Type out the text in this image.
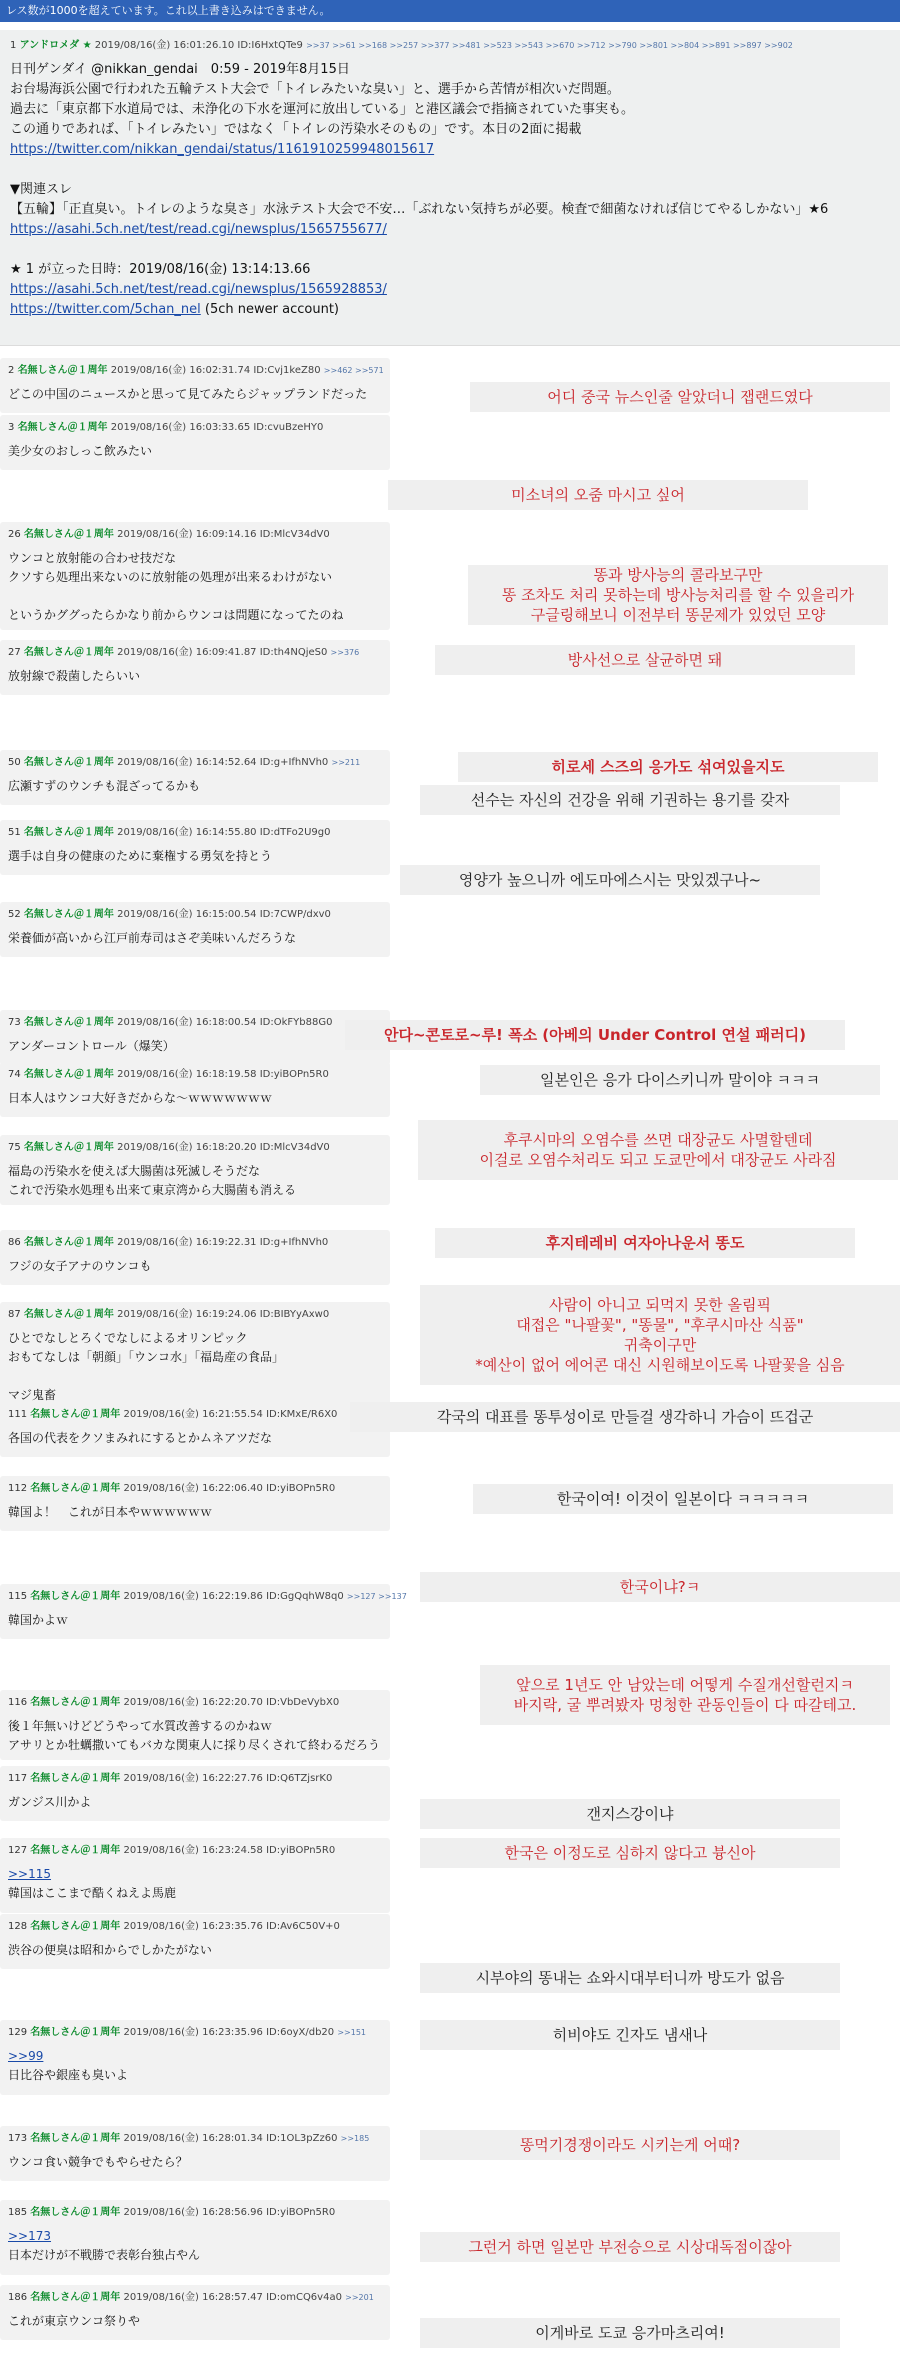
レス数が1000を超えています。これ以上書き込みはできません。
1 アンドロメダ ★ 2019/08/16(金) 16:01:26.10 ID:I6HxtQTe9 >>37 >>61 >>168 >>257 >>377 >>481 >>523 >>543 >>670 >>712 >>790 >>801 >>804 >>891 >>897 >>902
日刊ゲンダイ @nikkan_gendai　0:59 - 2019年8月15日
お台場海浜公園で行われた五輪テスト大会で「トイレみたいな臭い」と、選手から苦情が相次いだ問題。
過去に「東京都下水道局では、未浄化の下水を運河に放出している」と港区議会で指摘されていた事実も。
この通りであれば、「トイレみたい」ではなく「トイレの汚染水そのもの」です。本日の2面に掲載
https://twitter.com/nikkan_gendai/status/1161910259948015617

▼関連スレ
【五輪】「正直臭い。トイレのような臭さ」水泳テスト大会で不安…「ぶれない気持ちが必要。検査で細菌なければ信じてやるしかない」★6
https://asahi.5ch.net/test/read.cgi/newsplus/1565755677/

★ 1 が立った日時：2019/08/16(金) 13:14:13.66
https://asahi.5ch.net/test/read.cgi/newsplus/1565928853/
https://twitter.com/5chan_nel (5ch newer account)
2 名無しさん＠１周年 2019/08/16(金) 16:02:31.74 ID:Cvj1keZ80 >>462 >>571
どこの中国のニュースかと思って見てみたらジャップランドだった	어디 중국 뉴스인줄 알았더니 잽랜드였다
3 名無しさん＠１周年 2019/08/16(金) 16:03:33.65 ID:cvuBzeHY0
美少女のおしっこ飲みたい
미소녀의 오줌 마시고 싶어
26 名無しさん＠１周年 2019/08/16(金) 16:09:14.16 ID:MlcV34dV0
ウンコと放射能の合わせ技だな
クソすら処理出来ないのに放射能の処理が出来るわけがない

というかググったらかなり前からウンコは問題になってたのね
똥과 방사능의 콜라보구만
똥 조차도 처리 못하는데 방사능처리를 할 수 있을리가
구글링해보니 이전부터 똥문제가 있었던 모양
27 名無しさん＠１周年 2019/08/16(金) 16:09:41.87 ID:th4NQjeS0 >>376
放射線で殺菌したらいい
방사선으로 살균하면 돼
50 名無しさん＠１周年 2019/08/16(金) 16:14:52.64 ID:g+IfhNVh0 >>211
広瀬すずのウンチも混ざってるかも
히로세 스즈의 응가도 섞여있을지도
51 名無しさん＠１周年 2019/08/16(金) 16:14:55.80 ID:dTFo2U9g0
選手は自身の健康のために棄権する勇気を持とう
선수는 자신의 건강을 위해 기권하는 용기를 갖자
52 名無しさん＠１周年 2019/08/16(金) 16:15:00.54 ID:7CWP/dxv0
栄養価が高いから江戸前寿司はさぞ美味いんだろうな
영양가 높으니까 에도마에스시는 맛있겠구나~
73 名無しさん＠１周年 2019/08/16(金) 16:18:00.54 ID:OkFYb88G0
アンダーコントロール（爆笑）
안다~콘토로~루! 폭소 (아베의 Under Control 연설 패러디)
74 名無しさん＠１周年 2019/08/16(金) 16:18:19.58 ID:yiBOPn5R0
日本人はウンコ大好きだからな～ｗｗｗｗｗｗｗ
일본인은 응가 다이스키니까 말이야 ㅋㅋㅋ
75 名無しさん＠１周年 2019/08/16(金) 16:18:20.20 ID:MlcV34dV0
福島の汚染水を使えば大腸菌は死滅しそうだな
これで汚染水処理も出来て東京湾から大腸菌も消える
후쿠시마의 오염수를 쓰면 대장균도 사멸할텐데
이걸로 오염수처리도 되고 도쿄만에서 대장균도 사라짐
86 名無しさん＠１周年 2019/08/16(金) 16:19:22.31 ID:g+IfhNVh0
フジの女子アナのウンコも
후지테레비 여자아나운서 똥도
87 名無しさん＠１周年 2019/08/16(金) 16:19:24.06 ID:BIBYyAxw0
ひとでなしとろくでなしによるオリンピック
おもてなしは「朝顔」「ウンコ水」「福島産の食品」

マジ鬼畜
사람이 아니고 되먹지 못한 올림픽
대접은 "나팔꽃", "똥물", "후쿠시마산 식품"
귀축이구만
*예산이 없어 에어콘 대신 시원해보이도록 나팔꽃을 심음
111 名無しさん＠１周年 2019/08/16(金) 16:21:55.54 ID:KMxE/R6X0
各国の代表をクソまみれにするとかムネアツだな
각국의 대표를 똥투성이로 만들걸 생각하니 가슴이 뜨겁군
112 名無しさん＠１周年 2019/08/16(金) 16:22:06.40 ID:yiBOPn5R0
韓国よ！　これが日本やｗｗｗｗｗｗ
한국이여! 이것이 일본이다 ㅋㅋㅋㅋㅋ
115 名無しさん＠１周年 2019/08/16(金) 16:22:19.86 ID:GgQqhW8q0 >>127 >>137
韓国かよｗ
한국이냐?ㅋ
116 名無しさん＠１周年 2019/08/16(金) 16:22:20.70 ID:VbDeVybX0
後１年無いけどどうやって水質改善するのかねｗ
アサリとか牡蠣撒いてもバカな関東人に採り尽くされて終わるだろう
앞으로 1년도 안 남았는데 어떻게 수질개선할런지ㅋ
바지락, 굴 뿌려봤자 멍청한 관동인들이 다 따갈테고.
117 名無しさん＠１周年 2019/08/16(金) 16:22:27.76 ID:Q6TZjsrK0
ガンジス川かよ
갠지스강이냐
127 名無しさん＠１周年 2019/08/16(金) 16:23:24.58 ID:yiBOPn5R0
>>115
韓国はここまで酷くねえよ馬鹿
한국은 이정도로 심하지 않다고 븅신아
128 名無しさん＠１周年 2019/08/16(金) 16:23:35.76 ID:Av6C50V+0
渋谷の便臭は昭和からでしかたがない
시부야의 똥내는 쇼와시대부터니까 방도가 없음
129 名無しさん＠１周年 2019/08/16(金) 16:23:35.96 ID:6oyX/db20 >>151
>>99
日比谷や銀座も臭いよ
히비야도 긴자도 냄새나
173 名無しさん＠１周年 2019/08/16(金) 16:28:01.34 ID:1OL3pZz60 >>185
ウンコ食い競争でもやらせたら？
똥먹기경쟁이라도 시키는게 어때?
185 名無しさん＠１周年 2019/08/16(金) 16:28:56.96 ID:yiBOPn5R0
>>173
日本だけが不戦勝で表彰台独占やん	그런거 하면 일본만 부전승으로 시상대독점이잖아
186 名無しさん＠１周年 2019/08/16(金) 16:28:57.47 ID:omCQ6v4a0 >>201
これが東京ウンコ祭りや
이게바로 도쿄 응가마츠리여!
